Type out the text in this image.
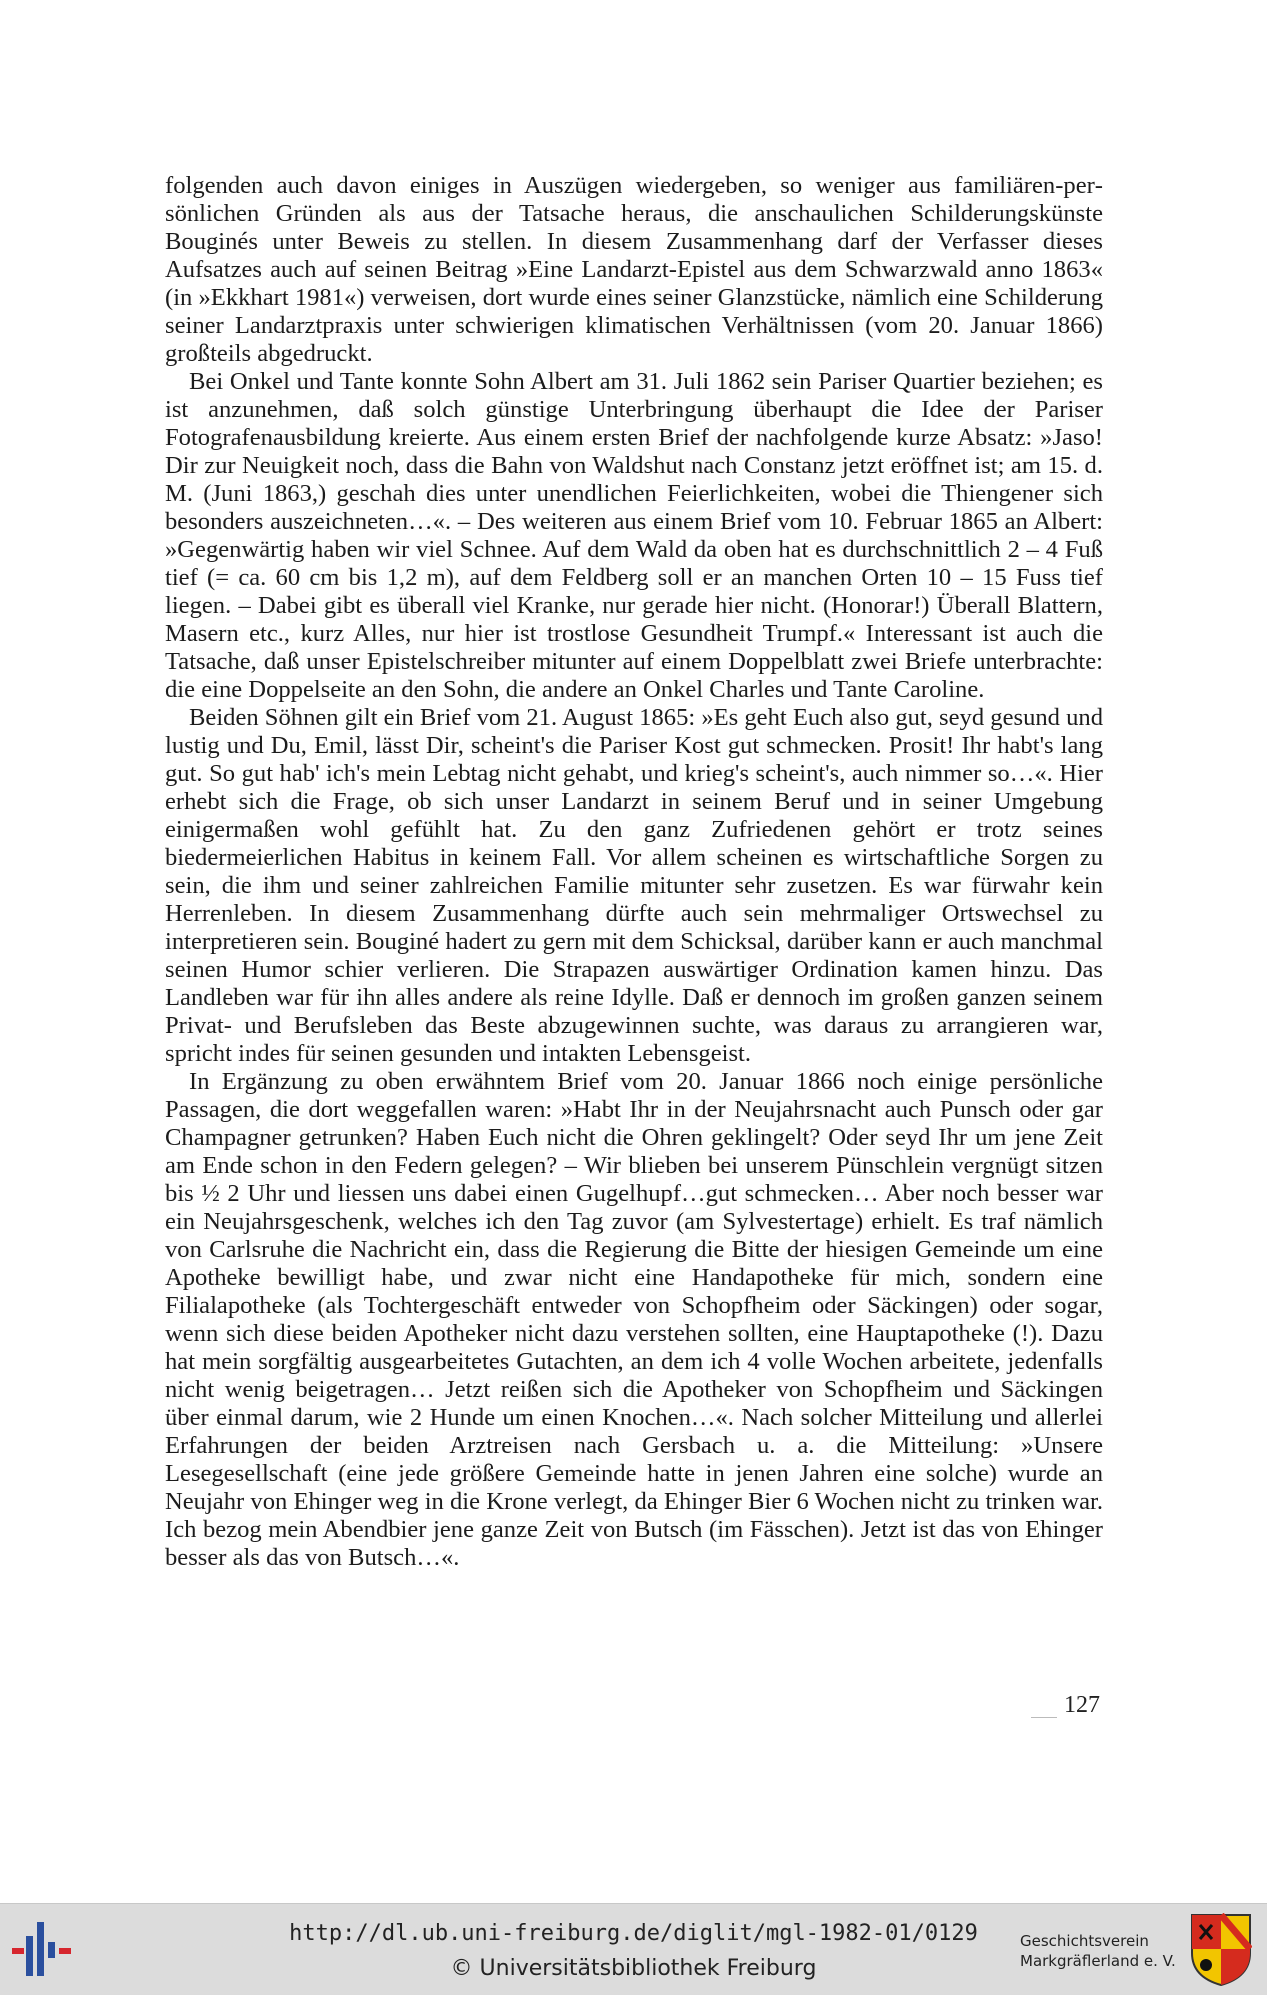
folgenden auch davon einiges in Auszügen wiedergeben, so weniger aus familiären-persönlichen Gründen als aus der Tatsache heraus, die anschaulichen Schilderungskünste Bouginés unter Beweis zu stellen. In diesem Zusammenhang darf der Verfasser dieses Aufsatzes auch auf seinen Beitrag »Eine Landarzt-Epistel aus dem Schwarzwald anno 1863« (in »Ekkhart 1981«) verweisen, dort wurde eines seiner Glanzstücke, nämlich eine Schilderung seiner Landarztpraxis unter schwierigen klimatischen Verhältnissen (vom 20. Januar 1866) großteils abgedruckt.

Bei Onkel und Tante konnte Sohn Albert am 31. Juli 1862 sein Pariser Quartier beziehen; es ist anzunehmen, daß solch günstige Unterbringung überhaupt die Idee der Pariser Fotografenausbildung kreierte. Aus einem ersten Brief der nachfolgende kurze Absatz: »Jaso! Dir zur Neuigkeit noch, dass die Bahn von Waldshut nach Constanz jetzt eröffnet ist; am 15. d. M. (Juni 1863,) geschah dies unter unendlichen Feierlichkeiten, wobei die Thiengener sich besonders auszeichneten…«. – Des weiteren aus einem Brief vom 10. Februar 1865 an Albert: »Gegenwärtig haben wir viel Schnee. Auf dem Wald da oben hat es durchschnittlich 2 – 4 Fuß tief (= ca. 60 cm bis 1,2 m), auf dem Feldberg soll er an manchen Orten 10 – 15 Fuss tief liegen. – Dabei gibt es überall viel Kranke, nur gerade hier nicht. (Honorar!) Überall Blattern, Masern etc., kurz Alles, nur hier ist trostlose Gesundheit Trumpf.« Interessant ist auch die Tatsache, daß unser Epistelschreiber mitunter auf einem Doppelblatt zwei Briefe unterbrachte: die eine Doppelseite an den Sohn, die andere an Onkel Charles und Tante Caroline.

Beiden Söhnen gilt ein Brief vom 21. August 1865: »Es geht Euch also gut, seyd gesund und lustig und Du, Emil, lässt Dir, scheint's die Pariser Kost gut schmecken. Prosit! Ihr habt's lang gut. So gut hab' ich's mein Lebtag nicht gehabt, und krieg's scheint's, auch nimmer so…«. Hier erhebt sich die Frage, ob sich unser Landarzt in seinem Beruf und in seiner Umgebung einigermaßen wohl gefühlt hat. Zu den ganz Zufriedenen gehört er trotz seines biedermeierlichen Habitus in keinem Fall. Vor allem scheinen es wirtschaftliche Sorgen zu sein, die ihm und seiner zahlreichen Familie mitunter sehr zusetzen. Es war fürwahr kein Herrenleben. In diesem Zusammenhang dürfte auch sein mehrmaliger Ortswechsel zu interpretieren sein. Bouginé hadert zu gern mit dem Schicksal, darüber kann er auch manchmal seinen Humor schier verlieren. Die Strapazen auswärtiger Ordination kamen hinzu. Das Landleben war für ihn alles andere als reine Idylle. Daß er dennoch im großen ganzen seinem Privat- und Berufsleben das Beste abzugewinnen suchte, was daraus zu arrangieren war, spricht indes für seinen gesunden und intakten Lebensgeist.

In Ergänzung zu oben erwähntem Brief vom 20. Januar 1866 noch einige persönliche Passagen, die dort weggefallen waren: »Habt Ihr in der Neujahrsnacht auch Punsch oder gar Champagner getrunken? Haben Euch nicht die Ohren geklingelt? Oder seyd Ihr um jene Zeit am Ende schon in den Federn gelegen? – Wir blieben bei unserem Pünschlein vergnügt sitzen bis ½ 2 Uhr und liessen uns dabei einen Gugelhupf…gut schmecken… Aber noch besser war ein Neujahrsgeschenk, welches ich den Tag zuvor (am Sylvestertage) erhielt. Es traf nämlich von Carlsruhe die Nachricht ein, dass die Regierung die Bitte der hiesigen Gemeinde um eine Apotheke bewilligt habe, und zwar nicht eine Handapotheke für mich, sondern eine Filialapotheke (als Tochtergeschäft entweder von Schopfheim oder Säckingen) oder sogar, wenn sich diese beiden Apotheker nicht dazu verstehen sollten, eine Hauptapotheke (!). Dazu hat mein sorgfältig ausgearbeitetes Gutachten, an dem ich 4 volle Wochen arbeitete, jedenfalls nicht wenig beigetragen… Jetzt reißen sich die Apotheker von Schopfheim und Säckingen über einmal darum, wie 2 Hunde um einen Knochen…«. Nach solcher Mitteilung und allerlei Erfahrungen der beiden Arztreisen nach Gersbach u. a. die Mitteilung: »Unsere Lesegesellschaft (eine jede größere Gemeinde hatte in jenen Jahren eine solche) wurde an Neujahr von Ehinger weg in die Krone verlegt, da Ehinger Bier 6 Wochen nicht zu trinken war. Ich bezog mein Abendbier jene ganze Zeit von Butsch (im Fässchen). Jetzt ist das von Ehinger besser als das von Butsch…«.

127
http://dl.ub.uni-freiburg.de/diglit/mgl-1982-01/0129
© Universitätsbibliothek Freiburg
Geschichtsverein
Markgräflerland e. V.
